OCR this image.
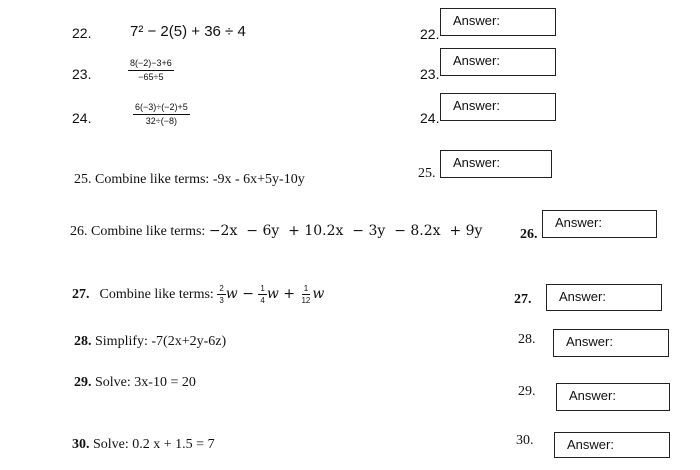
22.	7² − 2(5) + 36 ÷ 4	22.
Answer:
23.	$\frac{8(-2)-3+6}{-65\div 5}$	23.
Answer:
24.	$\frac{6(-3)\div(-2)+5}{32\div(-8)}$	24.
Answer:
25. Combine like terms: -9x - 6x+5y-10y	25.
Answer:
26. Combine like terms: −2x  − 6y  + 10.2x  − 3y  − 8.2x  + 9y	26.
Answer:
27. Combine like terms: $\frac{2}{3}$ $w - \frac{1}{4}$ $w + \frac{1}{12}$ w	27.	Answer:
28. Simplify: -7(2x+2y-6z)	28.	Answer:
29. Solve: 3x-10 = 20
29.	Answer:
30. Solve: 0.2 x + 1.5 = 7	30.	Answer:
